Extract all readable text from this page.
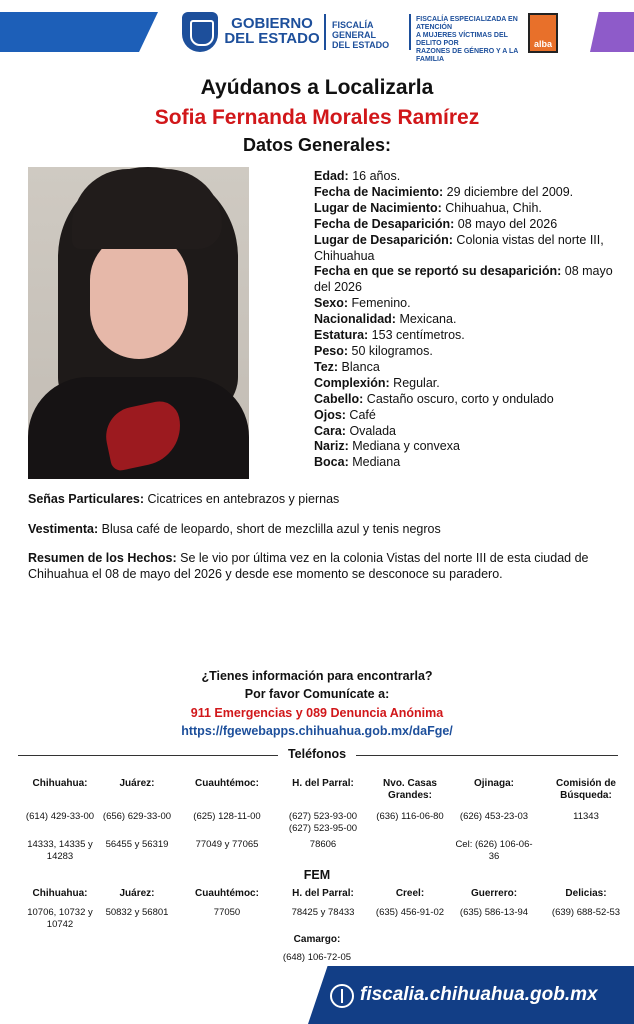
GOBIERNO
DEL ESTADO
FISCALÍA GENERAL
DEL ESTADO
FISCALÍA ESPECIALIZADA EN ATENCIÓN
A MUJERES VÍCTIMAS DEL DELITO POR
RAZONES DE GÉNERO Y A LA FAMILIA
alba
Ayúdanos a Localizarla
Sofia Fernanda Morales Ramírez
Datos Generales:
Edad: 16 años.
Fecha de Nacimiento: 29 diciembre del 2009.
Lugar de Nacimiento: Chihuahua, Chih.
Fecha de Desaparición: 08 mayo del 2026
Lugar de Desaparición: Colonia vistas del norte III, Chihuahua
Fecha en que se reportó su desaparición: 08 mayo del 2026
Sexo: Femenino.
Nacionalidad: Mexicana.
Estatura: 153 centímetros.
Peso: 50 kilogramos.
Tez: Blanca
Complexión: Regular.
Cabello: Castaño oscuro, corto y ondulado
Ojos: Café
Cara: Ovalada
Nariz: Mediana y convexa
Boca: Mediana
Señas Particulares: Cicatrices en antebrazos y piernas
Vestimenta: Blusa café de leopardo, short de mezclilla azul y tenis negros
Resumen de los Hechos: Se le vio por última vez en la colonia Vistas del norte III de esta ciudad de Chihuahua el 08 de mayo del 2026 y desde ese momento se desconoce su paradero.
¿Tienes información para encontrarla?
Por favor Comunícate a:
911 Emergencias y 089 Denuncia Anónima
https://fgewebapps.chihuahua.gob.mx/daFge/
Teléfonos
Chihuahua:
(614) 429-33-00
14333, 14335 y 14283
Juárez:
(656) 629-33-00
56455 y 56319
Cuauhtémoc:
(625) 128-11-00
77049 y 77065
H. del Parral:
(627) 523-93-00 (627) 523-95-00
78606
Nvo. Casas Grandes:
(636) 116-06-80
Ojinaga:
(626) 453-23-03
Cel: (626) 106-06-36
Comisión de Búsqueda:
11343
FEM
Chihuahua:
10706, 10732 y 10742
Juárez:
50832 y 56801
Cuauhtémoc:
77050
H. del Parral:
78425 y 78433
Creel:
(635) 456-91-02
Guerrero:
(635) 586-13-94
Delicias:
(639) 688-52-53
Camargo:
(648) 106-72-05
fiscalia.chihuahua.gob.mx
